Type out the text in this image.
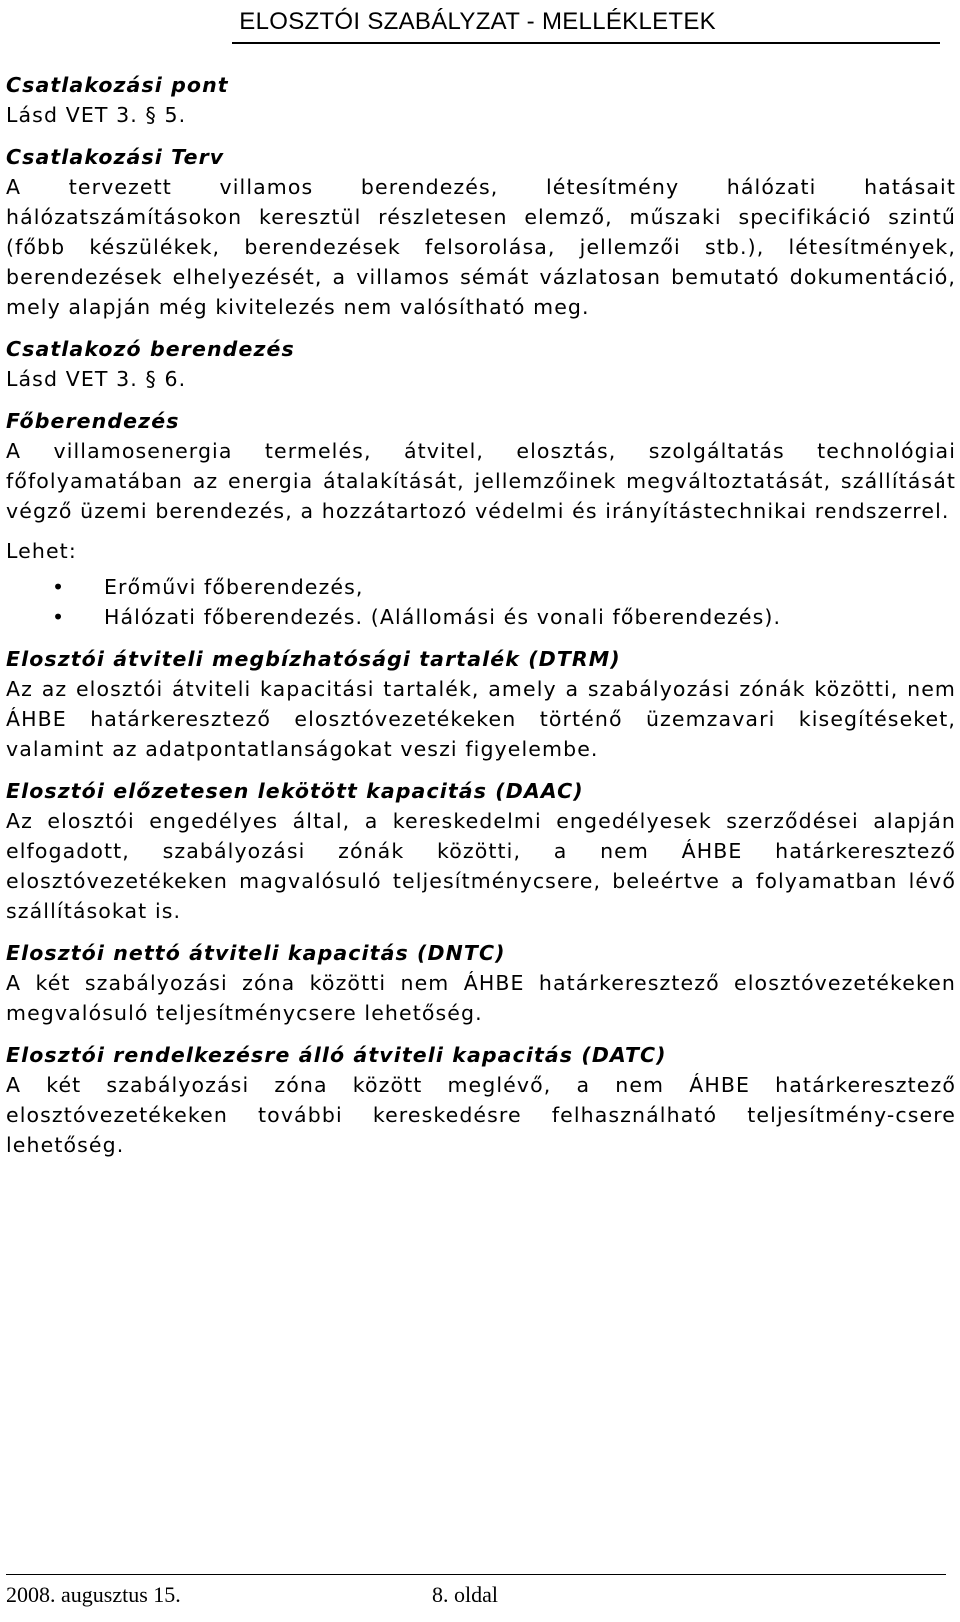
ELOSZTÓI SZABÁLYZAT - MELLÉKLETEK

Csatlakozási pont

Lásd VET 3. § 5.

Csatlakozási Terv

A tervezett villamos berendezés, létesítmény hálózati hatásait hálózatszámításokon keresztül részletesen elemző, műszaki specifikáció szintű (főbb készülékek, berendezések felsorolása, jellemzői stb.), létesítmények, berendezések elhelyezését, a villamos sémát vázlatosan bemutató dokumentáció, mely alapján még kivitelezés nem valósítható meg.

Csatlakozó berendezés

Lásd VET 3. § 6.

Főberendezés

A villamosenergia termelés, átvitel, elosztás, szolgáltatás technológiai főfolyamatában az energia átalakítását, jellemzőinek megváltoztatását, szállítását végző üzemi berendezés, a hozzátartozó védelmi és irányítástechnikai rendszerrel.

Lehet:

• Erőművi főberendezés,
• Hálózati főberendezés. (Alállomási és vonali főberendezés).

Elosztói átviteli megbízhatósági tartalék (DTRM)

Az az elosztói átviteli kapacitási tartalék, amely a szabályozási zónák közötti, nem ÁHBE határkeresztező elosztóvezetékeken történő üzemzavari kisegítéseket, valamint az adatpontatlanságokat veszi figyelembe.

Elosztói előzetesen lekötött kapacitás (DAAC)

Az elosztói engedélyes által, a kereskedelmi engedélyesek szerződései alapján elfogadott, szabályozási zónák közötti, a nem ÁHBE határkeresztező elosztóvezetékeken magvalósuló teljesítménycsere, beleértve a folyamatban lévő szállításokat is.

Elosztói nettó átviteli kapacitás (DNTC)

A két szabályozási zóna közötti nem ÁHBE határkeresztező elosztóvezetékeken megvalósuló teljesítménycsere lehetőség.

Elosztói rendelkezésre álló átviteli kapacitás (DATC)

A két szabályozási zóna között meglévő, a nem ÁHBE határkeresztező elosztóvezetékeken további kereskedésre felhasználható teljesítmény-csere lehetőség.

2008. augusztus 15.	8. oldal
